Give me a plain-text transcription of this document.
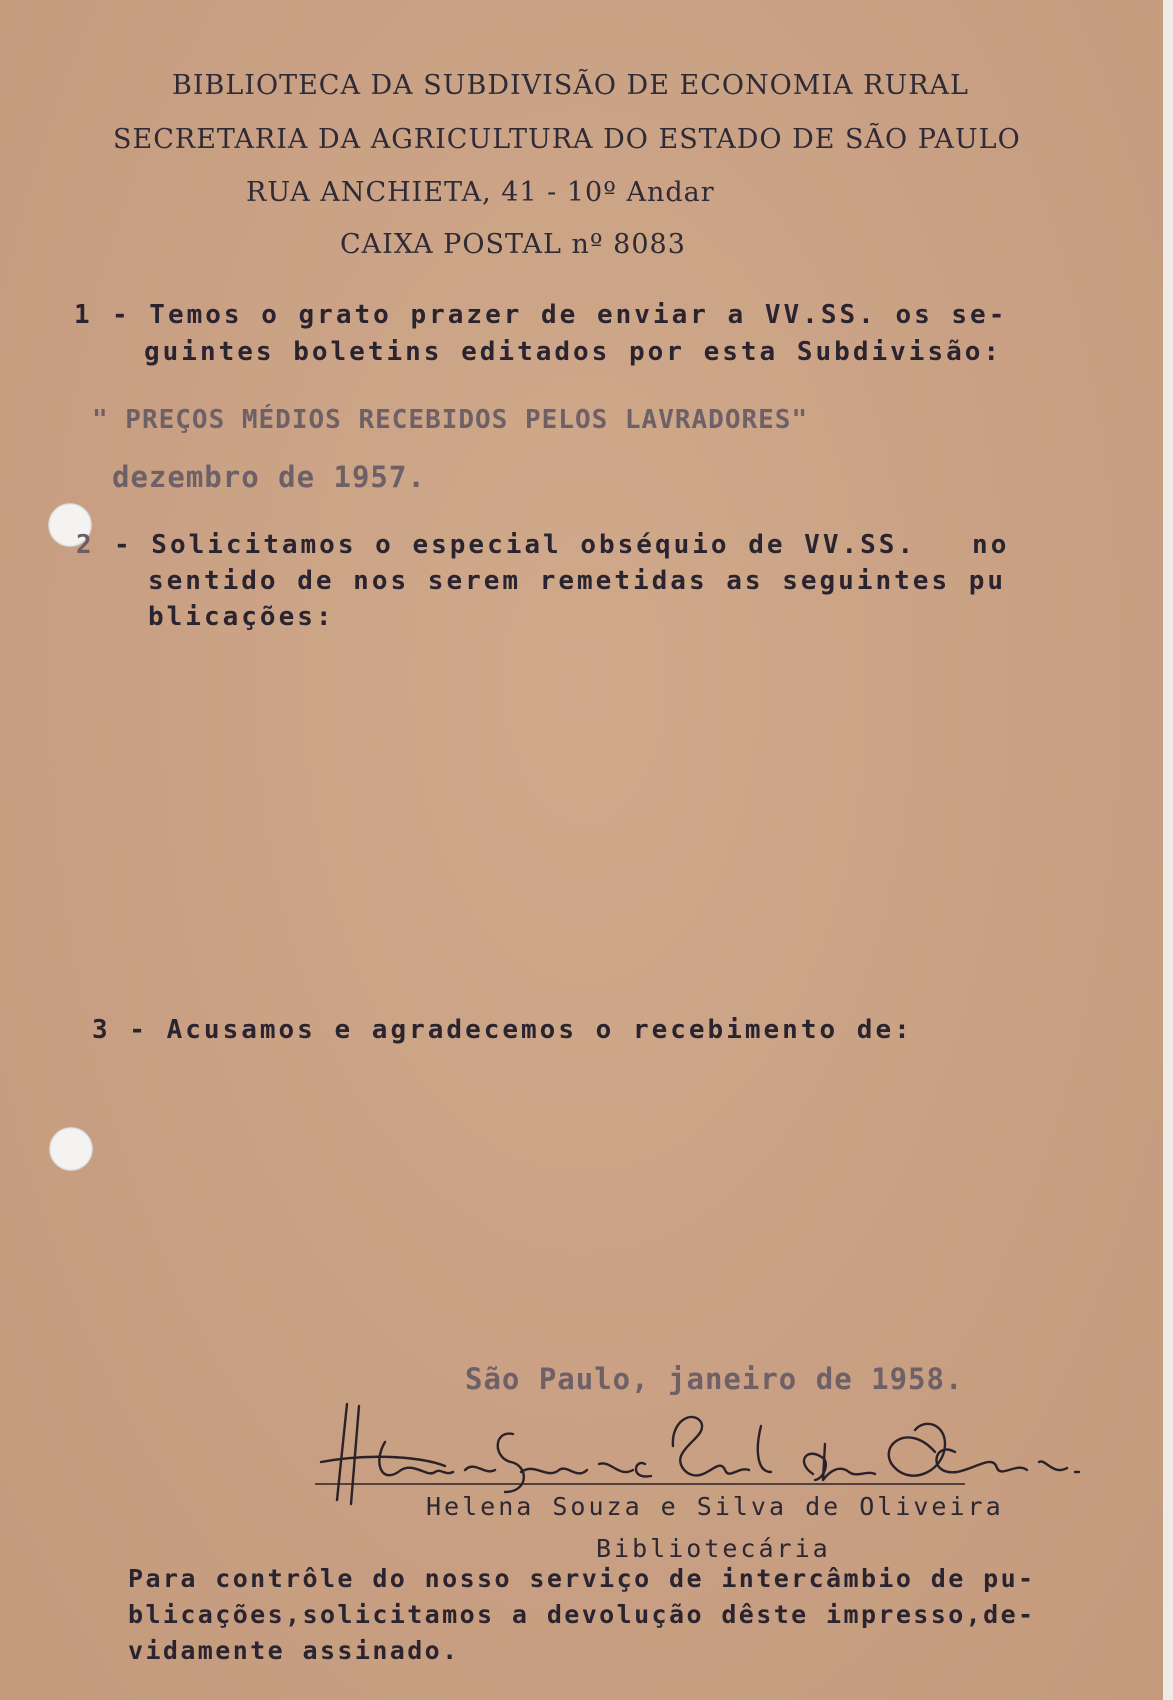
BIBLIOTECA DA SUBDIVISÃO DE ECONOMIA RURAL
SECRETARIA DA AGRICULTURA DO ESTADO DE SÃO PAULO
RUA ANCHIETA, 41 - 10º Andar
CAIXA POSTAL nº 8083
1 - Temos o grato prazer de enviar a VV.SS. os se-
guintes boletins editados por esta Subdivisão:
" PREÇOS MÉDIOS RECEBIDOS PELOS LAVRADORES"
dezembro de 1957.
2 - Solicitamos o especial obséquio de VV.SS.   no
sentido de nos serem remetidas as seguintes pu
blicações:
3 - Acusamos e agradecemos o recebimento de:
São Paulo, janeiro de 1958.
Helena Souza e Silva de Oliveira
Bibliotecária
Para contrôle do nosso serviço de intercâmbio de pu-
blicações,solicitamos a devolução dêste impresso,de-
vidamente assinado.
